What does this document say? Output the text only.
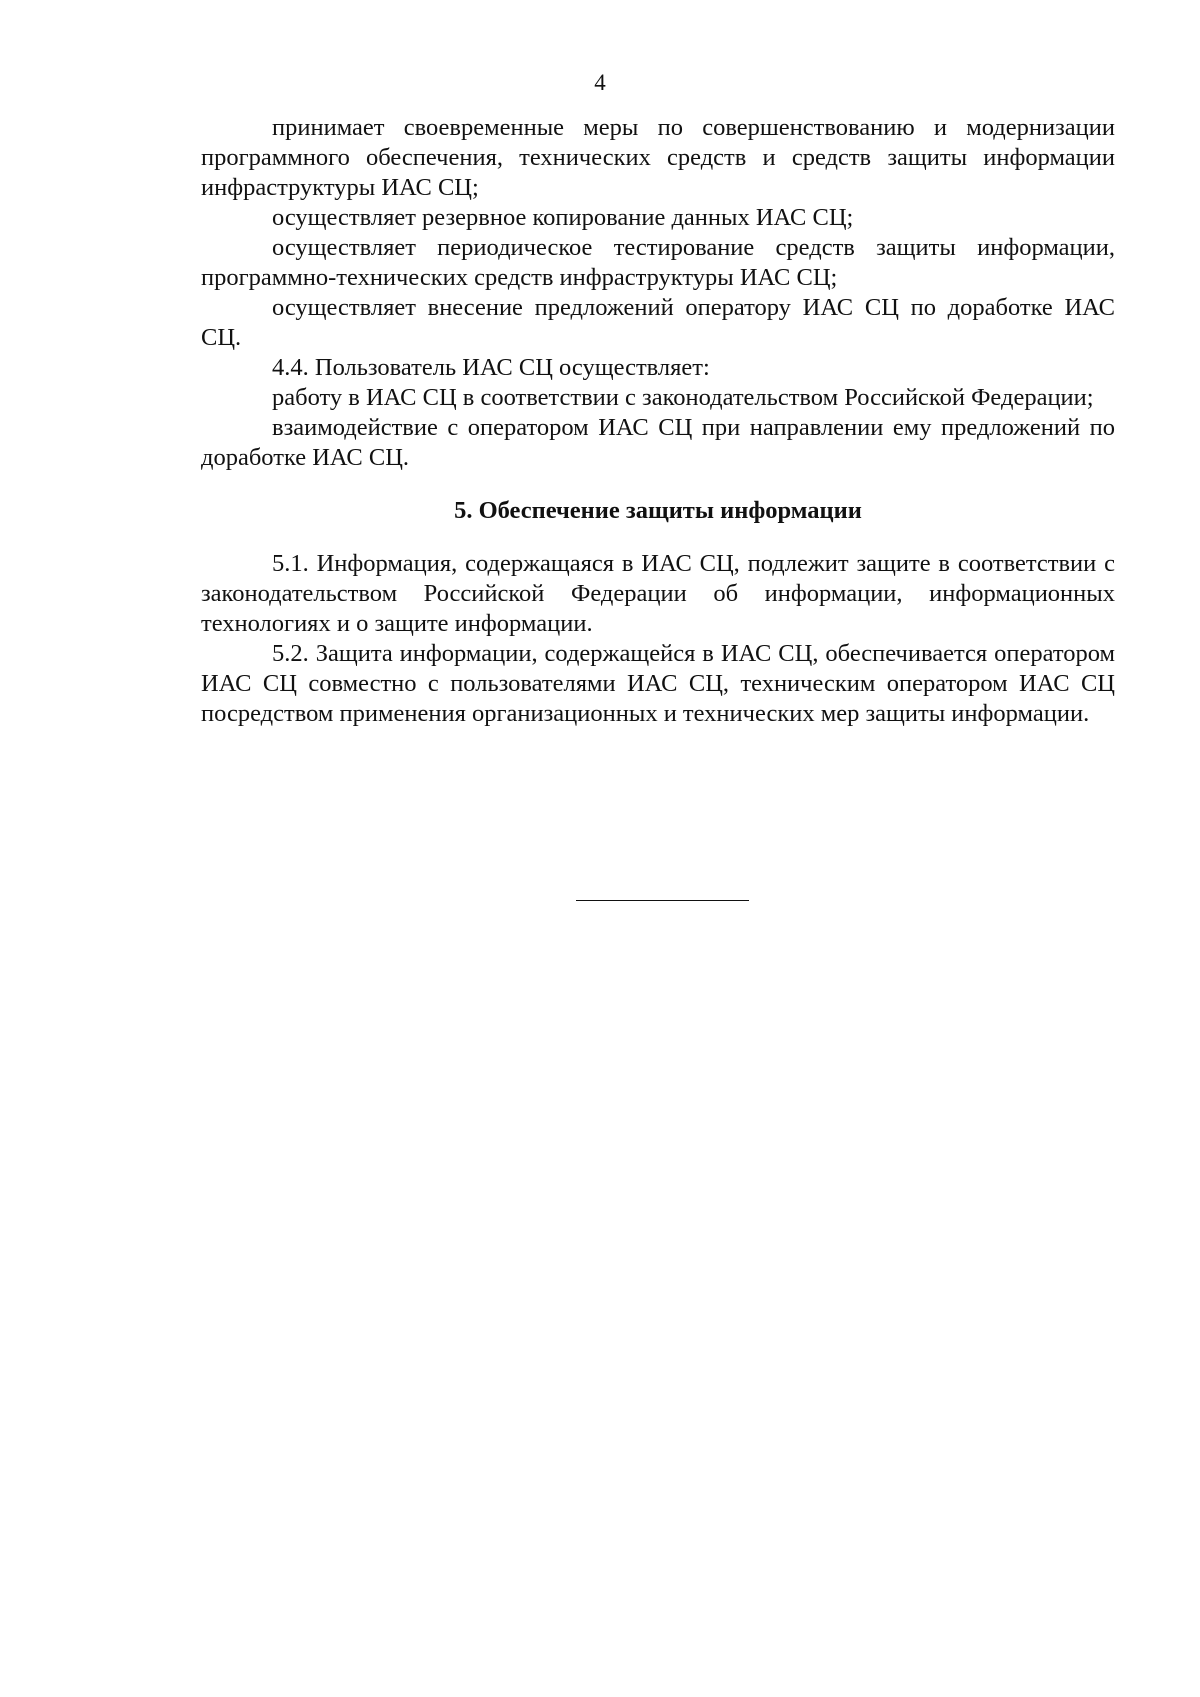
4

принимает своевременные меры по совершенствованию и модернизации программного обеспечения, технических средств и средств защиты информации инфраструктуры ИАС СЦ;

осуществляет резервное копирование данных ИАС СЦ;

осуществляет периодическое тестирование средств защиты информации, программно-технических средств инфраструктуры ИАС СЦ;

осуществляет внесение предложений оператору ИАС СЦ по доработке ИАС СЦ.

4.4. Пользователь ИАС СЦ осуществляет:

работу в ИАС СЦ в соответствии с законодательством Российской Федерации;

взаимодействие с оператором ИАС СЦ при направлении ему предложений по доработке ИАС СЦ.

5. Обеспечение защиты информации

5.1. Информация, содержащаяся в ИАС СЦ, подлежит защите в соответствии с законодательством Российской Федерации об информации, информационных технологиях и о защите информации.

5.2. Защита информации, содержащейся в ИАС СЦ, обеспечивается оператором ИАС СЦ совместно с пользователями ИАС СЦ, техническим оператором ИАС СЦ посредством применения организационных и технических мер защиты информации.
